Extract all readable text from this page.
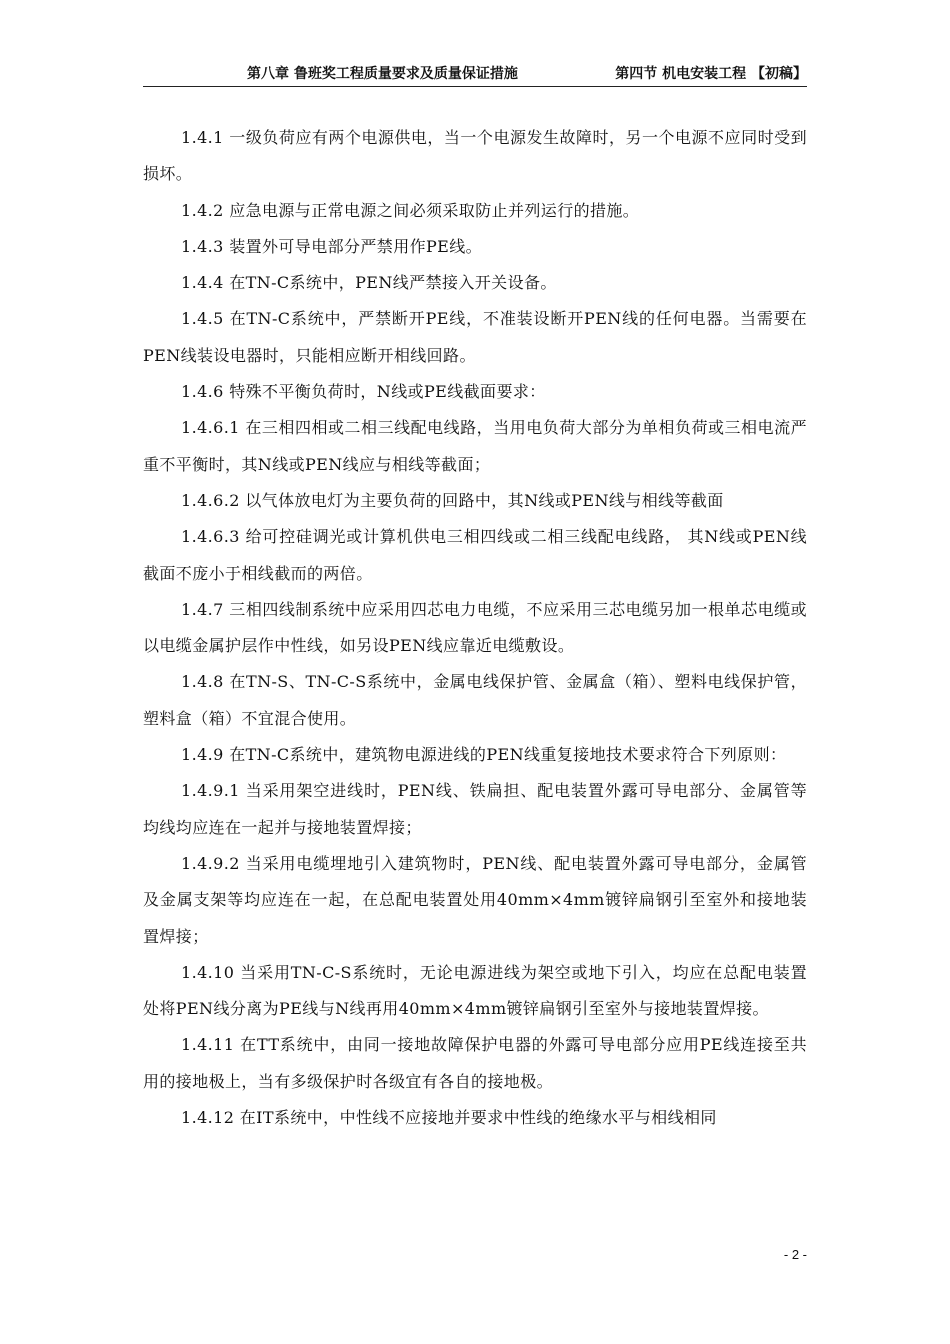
第八章 鲁班奖工程质量要求及质量保证措施	第四节 机电安装工程 【初稿】

1.4.1 一级负荷应有两个电源供电，当一个电源发生故障时，另一个电源不应同时受到损坏。

1.4.2 应急电源与正常电源之间必须采取防止并列运行的措施。

1.4.3 装置外可导电部分严禁用作PE线。

1.4.4 在TN-C系统中，PEN线严禁接入开关设备。

1.4.5 在TN-C系统中，严禁断开PE线，不准装设断开PEN线的任何电器。当需要在PEN线装设电器时，只能相应断开相线回路。

1.4.6 特殊不平衡负荷时，N线或PE线截面要求：

1.4.6.1 在三相四相或二相三线配电线路，当用电负荷大部分为单相负荷或三相电流严重不平衡时，其N线或PEN线应与相线等截面；

1.4.6.2 以气体放电灯为主要负荷的回路中，其N线或PEN线与相线等截面

1.4.6.3 给可控硅调光或计算机供电三相四线或二相三线配电线路， 其N线或PEN线截面不庞小于相线截而的两倍。

1.4.7 三相四线制系统中应采用四芯电力电缆，不应采用三芯电缆另加一根单芯电缆或以电缆金属护层作中性线，如另设PEN线应靠近电缆敷设。

1.4.8 在TN-S、TN-C-S系统中，金属电线保护管、金属盒（箱）、塑料电线保护管，塑料盒（箱）不宜混合使用。

1.4.9 在TN-C系统中，建筑物电源进线的PEN线重复接地技术要求符合下列原则：

1.4.9.1 当采用架空进线时，PEN线、铁扁担、配电装置外露可导电部分、金属管等均线均应连在一起并与接地装置焊接；

1.4.9.2 当采用电缆埋地引入建筑物时，PEN线、配电装置外露可导电部分，金属管及金属支架等均应连在一起，在总配电装置处用40mm×4mm镀锌扁钢引至室外和接地装置焊接；

1.4.10 当采用TN-C-S系统时，无论电源进线为架空或地下引入，均应在总配电装置处将PEN线分离为PE线与N线再用40mm×4mm镀锌扁钢引至室外与接地装置焊接。

1.4.11 在TT系统中，由同一接地故障保护电器的外露可导电部分应用PE线连接至共用的接地极上，当有多级保护时各级宜有各自的接地极。

1.4.12 在IT系统中，中性线不应接地并要求中性线的绝缘水平与相线相同

- 2 -
